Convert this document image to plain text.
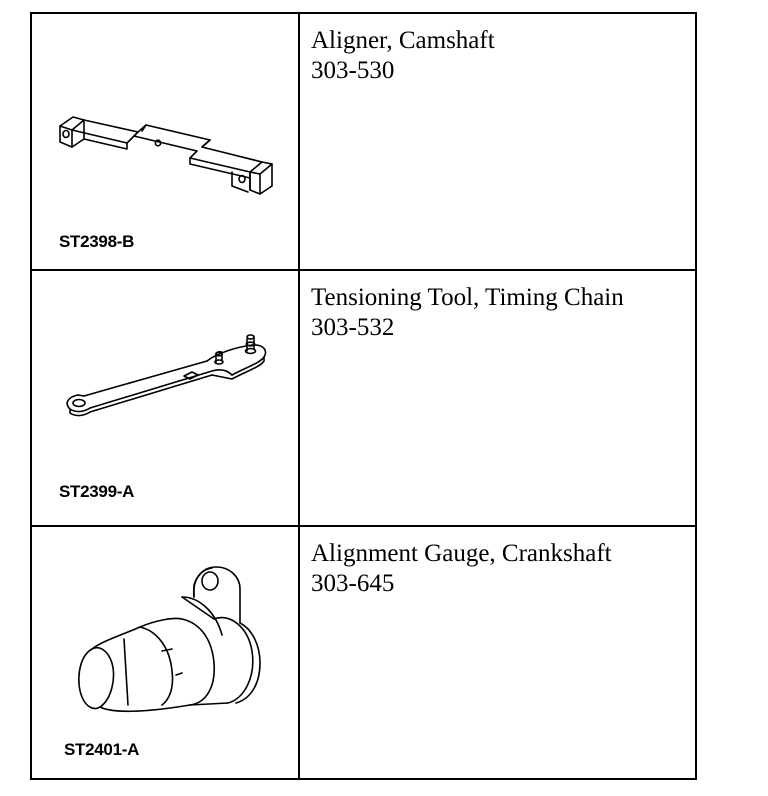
ST2398-B
Aligner, Camshaft
303-530
ST2399-A
Tensioning Tool, Timing Chain
303-532
ST2401-A
Alignment Gauge, Crankshaft
303-645
